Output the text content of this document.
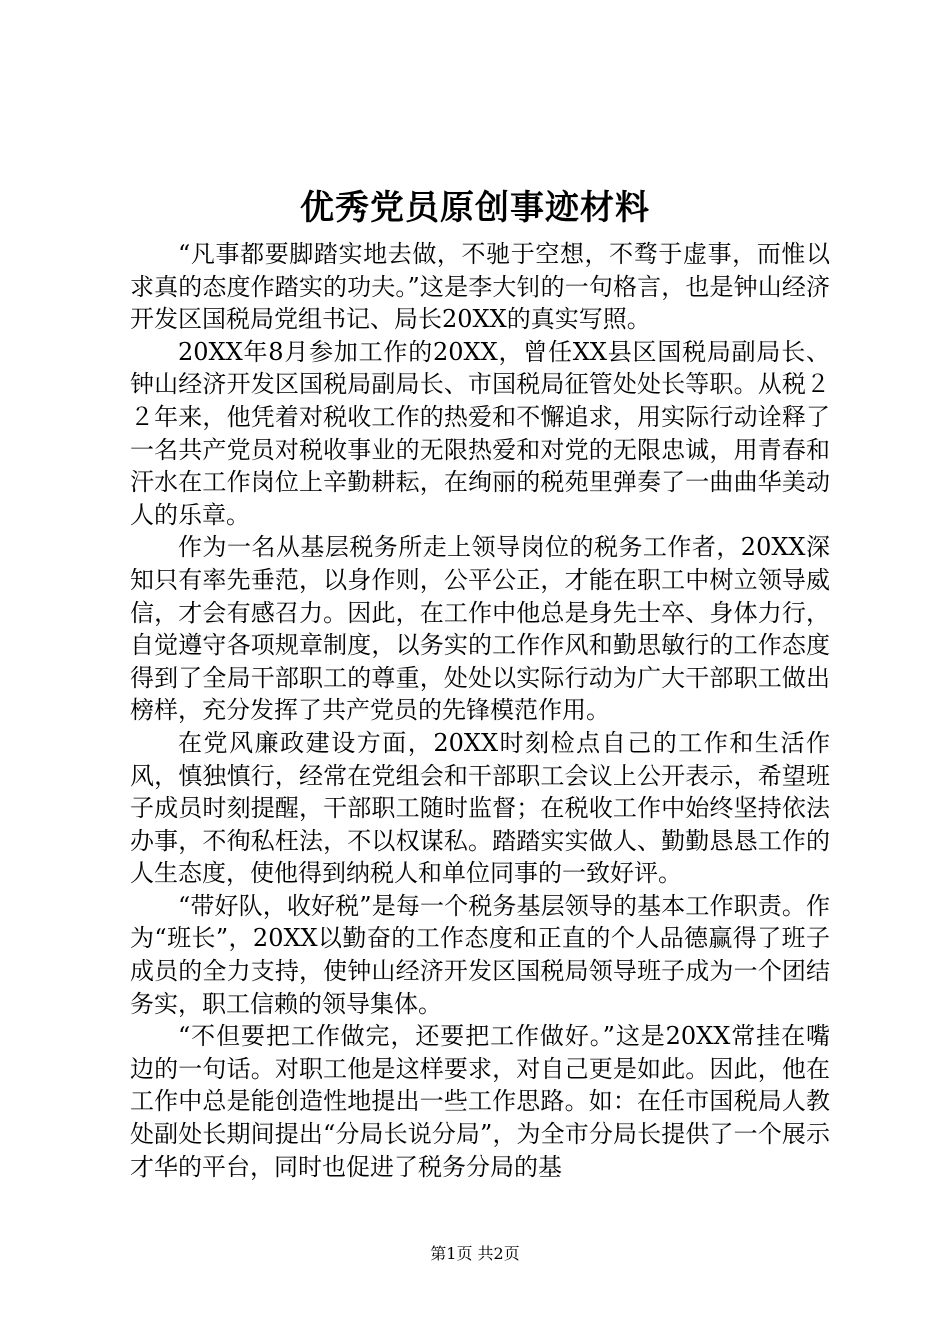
优秀党员原创事迹材料

“凡事都要脚踏实地去做，不驰于空想，不骛于虚事，而惟以求真的态度作踏实的功夫。”这是李大钊的一句格言，也是钟山经济开发区国税局党组书记、局长20XX的真实写照。

20XX年8月参加工作的20XX，曾任XX县区国税局副局长、钟山经济开发区国税局副局长、市国税局征管处处长等职。从税２２年来，他凭着对税收工作的热爱和不懈追求，用实际行动诠释了一名共产党员对税收事业的无限热爱和对党的无限忠诚，用青春和汗水在工作岗位上辛勤耕耘，在绚丽的税苑里弹奏了一曲曲华美动人的乐章。

作为一名从基层税务所走上领导岗位的税务工作者，20XX深知只有率先垂范，以身作则，公平公正，才能在职工中树立领导威信，才会有感召力。因此，在工作中他总是身先士卒、身体力行，自觉遵守各项规章制度，以务实的工作作风和勤思敏行的工作态度得到了全局干部职工的尊重，处处以实际行动为广大干部职工做出榜样，充分发挥了共产党员的先锋模范作用。

在党风廉政建设方面，20XX时刻检点自己的工作和生活作风，慎独慎行，经常在党组会和干部职工会议上公开表示，希望班子成员时刻提醒，干部职工随时监督；在税收工作中始终坚持依法办事，不徇私枉法，不以权谋私。踏踏实实做人、勤勤恳恳工作的人生态度，使他得到纳税人和单位同事的一致好评。

“带好队，收好税”是每一个税务基层领导的基本工作职责。作为“班长”，20XX以勤奋的工作态度和正直的个人品德赢得了班子成员的全力支持，使钟山经济开发区国税局领导班子成为一个团结务实，职工信赖的领导集体。

“不但要把工作做完，还要把工作做好。”这是20XX常挂在嘴边的一句话。对职工他是这样要求，对自己更是如此。因此，他在工作中总是能创造性地提出一些工作思路。如：在任市国税局人教处副处长期间提出“分局长说分局”，为全市分局长提供了一个展示才华的平台，同时也促进了税务分局的基

第1页 共2页
